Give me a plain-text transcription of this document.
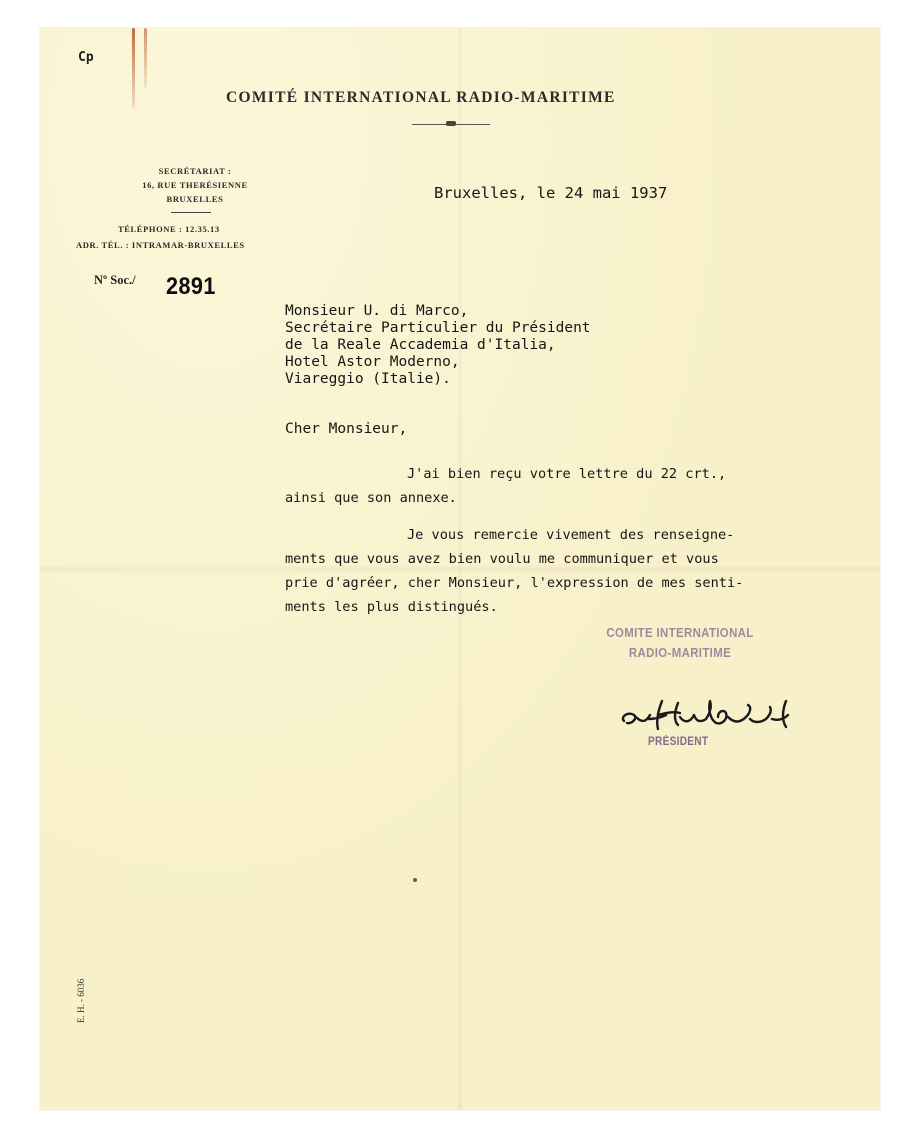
Cp
COMITÉ INTERNATIONAL RADIO-MARITIME
SECRÉTARIAT :
16, RUE THERÉSIENNE
BRUXELLES
TÉLÉPHONE : 12.35.13
ADR. TÉL. : INTRAMAR-BRUXELLES
Nº Soc./ 2891
Bruxelles, le 24 mai 1937
Monsieur U. di Marco,
Secrétaire Particulier du Président
de la Reale Accademia d'Italia,
Hotel Astor Moderno,
Viareggio (Italie).
Cher Monsieur,
J'ai bien reçu votre lettre du 22 crt.,
ainsi que son annexe.
Je vous remercie vivement des renseigne-
ments que vous avez bien voulu me communiquer et vous
prie d'agréer, cher Monsieur, l'expression de mes senti-
ments les plus distingués.
COMITE INTERNATIONAL
RADIO-MARITIME
PRÉSIDENT
E. H. - 6036
